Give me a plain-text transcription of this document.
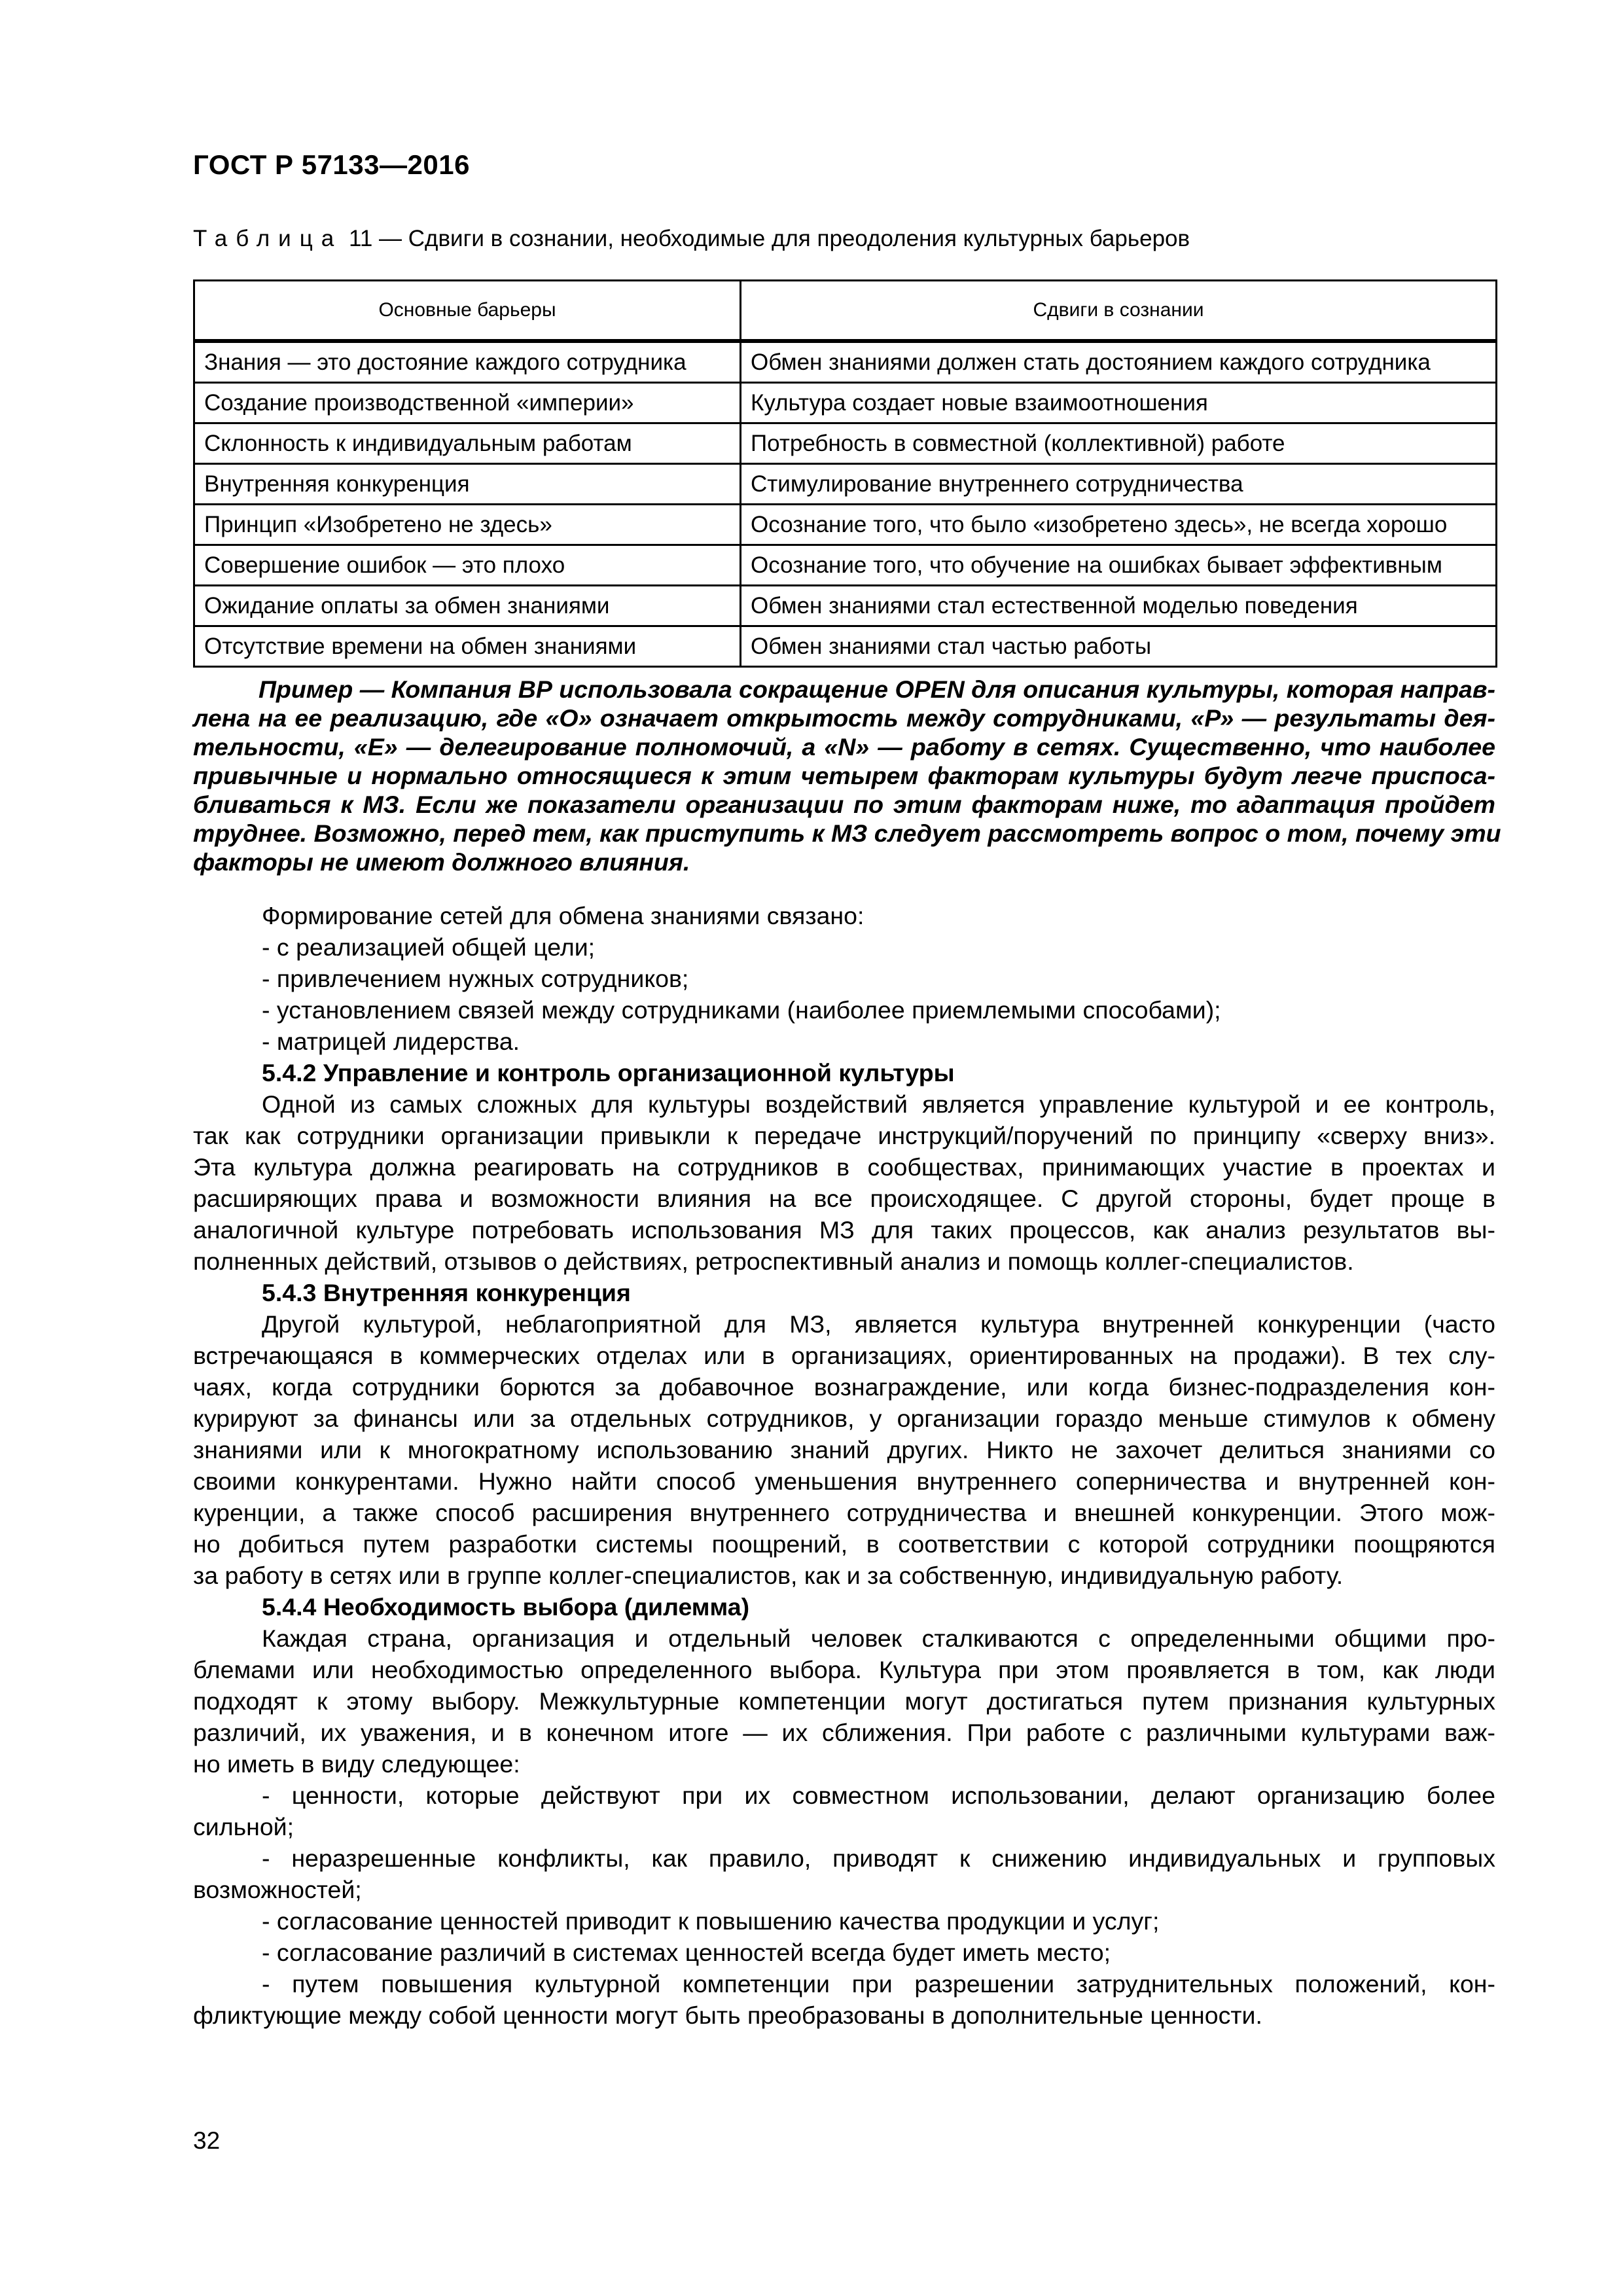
ГОСТ Р 57133—2016
Таблица 11 — Сдвиги в сознании, необходимые для преодоления культурных барьеров
Основные барьеры	Сдвиги в сознании
Знания — это достояние каждого сотрудника	Обмен знаниями должен стать достоянием каждого сотрудника
Создание производственной «империи»	Культура создает новые взаимоотношения
Склонность к индивидуальным работам	Потребность в совместной (коллективной) работе
Внутренняя конкуренция	Стимулирование внутреннего сотрудничества
Принцип «Изобретено не здесь»	Осознание того, что было «изобретено здесь», не всегда хорошо
Совершение ошибок — это плохо	Осознание того, что обучение на ошибках бывает эффективным
Ожидание оплаты за обмен знаниями	Обмен знаниями стал естественной моделью поведения
Отсутствие времени на обмен знаниями	Обмен знаниями стал частью работы
Пример — Компания ВР использовала сокращение OPEN для описания культуры, которая направ-
лена на ее реализацию, где «О» означает открытость между сотрудниками, «Р» — результаты дея-
тельности, «Е» — делегирование полномочий, а «N» — работу в сетях. Существенно, что наиболее
привычные и нормально относящиеся к этим четырем факторам культуры будут легче приспоса-
бливаться к МЗ. Если же показатели организации по этим факторам ниже, то адаптация пройдет
труднее. Возможно, перед тем, как приступить к МЗ следует рассмотреть вопрос о том, почему эти
факторы не имеют должного влияния.
Формирование сетей для обмена знаниями связано:
- с реализацией общей цели;
- привлечением нужных сотрудников;
- установлением связей между сотрудниками (наиболее приемлемыми способами);
- матрицей лидерства.
5.4.2 Управление и контроль организационной культуры
Одной из самых сложных для культуры воздействий является управление культурой и ее контроль,
так как сотрудники организации привыкли к передаче инструкций/поручений по принципу «сверху вниз».
Эта культура должна реагировать на сотрудников в сообществах, принимающих участие в проектах и
расширяющих права и возможности влияния на все происходящее. С другой стороны, будет проще в
аналогичной культуре потребовать использования МЗ для таких процессов, как анализ результатов вы-
полненных действий, отзывов о действиях, ретроспективный анализ и помощь коллег-специалистов.
5.4.3 Внутренняя конкуренция
Другой культурой, неблагоприятной для МЗ, является культура внутренней конкуренции (часто
встречающаяся в коммерческих отделах или в организациях, ориентированных на продажи). В тех слу-
чаях, когда сотрудники борются за добавочное вознаграждение, или когда бизнес-подразделения кон-
курируют за финансы или за отдельных сотрудников, у организации гораздо меньше стимулов к обмену
знаниями или к многократному использованию знаний других. Никто не захочет делиться знаниями со
своими конкурентами. Нужно найти способ уменьшения внутреннего соперничества и внутренней кон-
куренции, а также способ расширения внутреннего сотрудничества и внешней конкуренции. Этого мож-
но добиться путем разработки системы поощрений, в соответствии с которой сотрудники поощряются
за работу в сетях или в группе коллег-специалистов, как и за собственную, индивидуальную работу.
5.4.4 Необходимость выбора (дилемма)
Каждая страна, организация и отдельный человек сталкиваются с определенными общими про-
блемами или необходимостью определенного выбора. Культура при этом проявляется в том, как люди
подходят к этому выбору. Межкультурные компетенции могут достигаться путем признания культурных
различий, их уважения, и в конечном итоге — их сближения. При работе с различными культурами важ-
но иметь в виду следующее:
- ценности, которые действуют при их совместном использовании, делают организацию более
сильной;
- неразрешенные конфликты, как правило, приводят к снижению индивидуальных и групповых
возможностей;
- согласование ценностей приводит к повышению качества продукции и услуг;
- согласование различий в системах ценностей всегда будет иметь место;
- путем повышения культурной компетенции при разрешении затруднительных положений, кон-
фликтующие между собой ценности могут быть преобразованы в дополнительные ценности.
32
